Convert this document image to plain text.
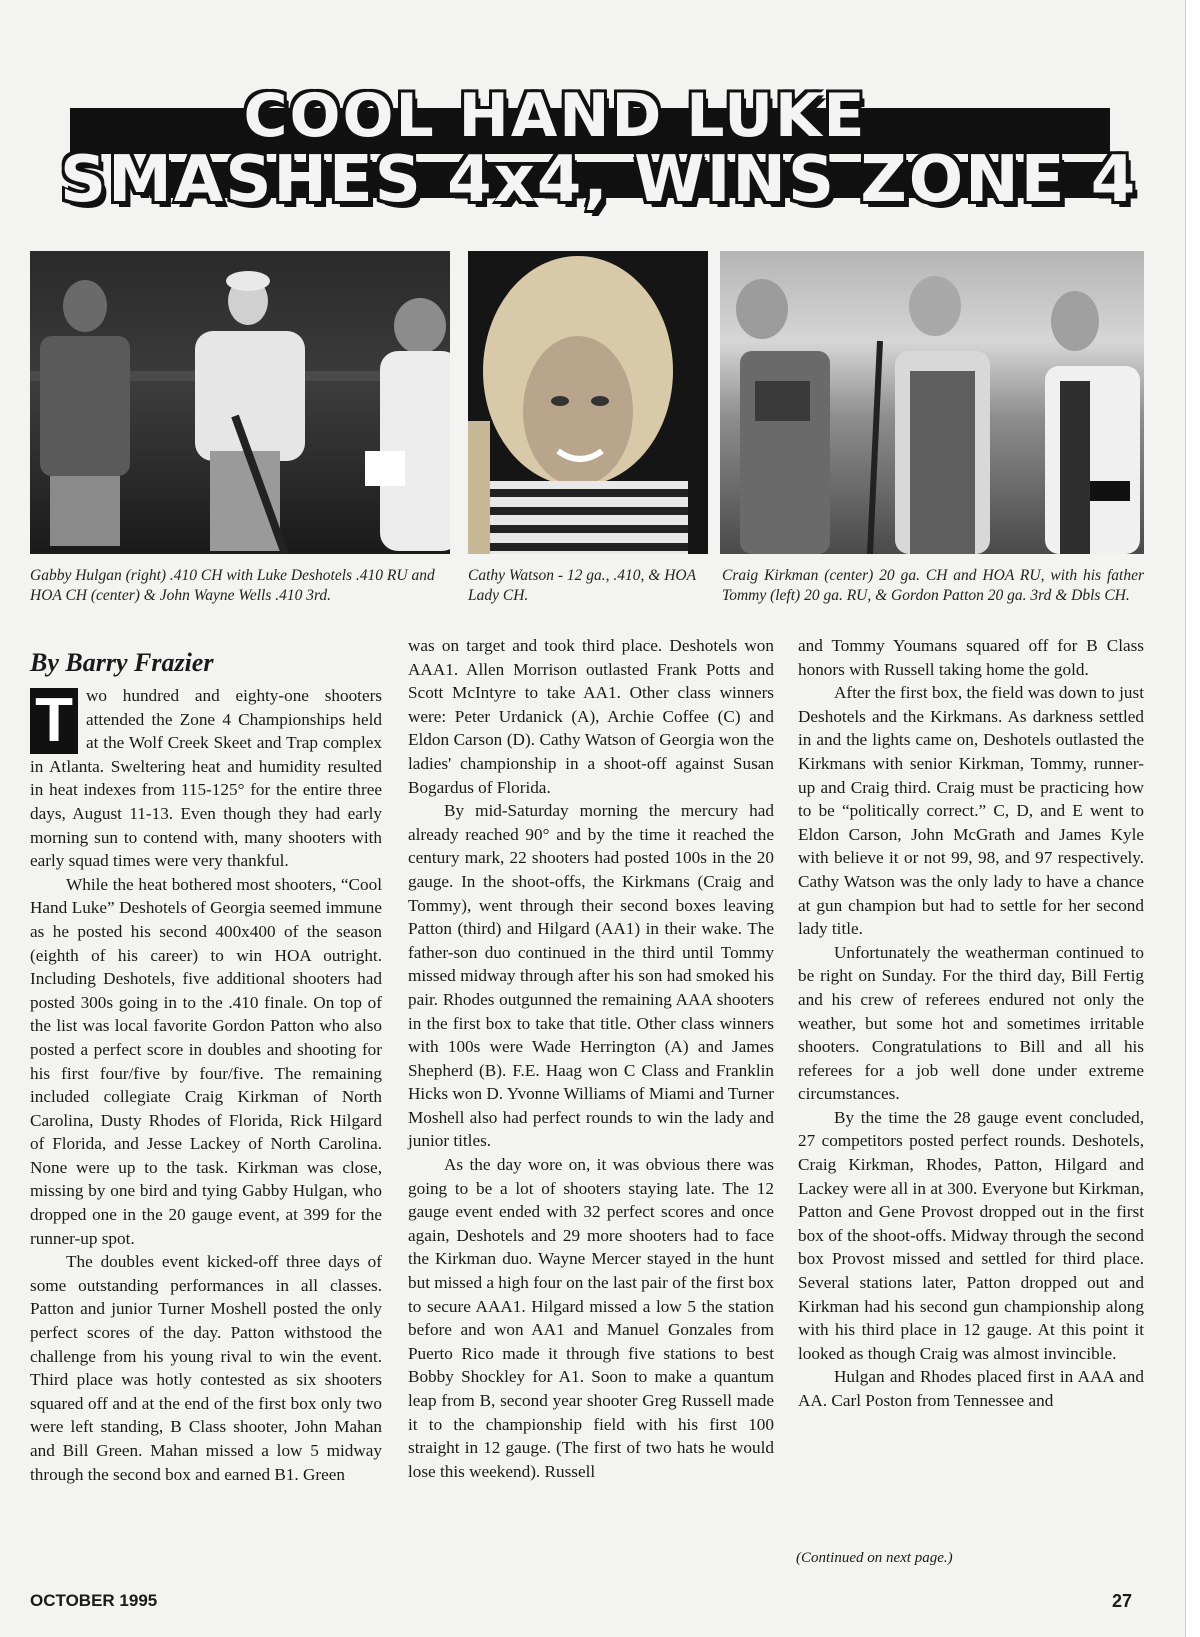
COOL HAND LUKE
SMASHES 4x4, WINS ZONE 4
Gabby Hulgan (right) .410 CH with Luke Deshotels .410 RU and HOA CH (center) & John Wayne Wells .410 3rd.
Cathy Watson - 12 ga., .410, & HOA Lady CH.
Craig Kirkman (center) 20 ga. CH and HOA RU, with his father Tommy (left) 20 ga. RU, & Gordon Patton 20 ga. 3rd & Dbls CH.
By Barry Frazier

T wo hundred and eighty-one shooters attended the Zone 4 Championships held at the Wolf Creek Skeet and Trap complex in Atlanta. Sweltering heat and humidity resulted in heat indexes from 115-125° for the entire three days, August 11-13. Even though they had early morning sun to contend with, many shooters with early squad times were very thankful.

While the heat bothered most shooters, “Cool Hand Luke” Deshotels of Georgia seemed immune as he posted his second 400x400 of the season (eighth of his career) to win HOA outright. Including Deshotels, five additional shooters had posted 300s going in to the .410 finale. On top of the list was local favorite Gordon Patton who also posted a perfect score in doubles and shooting for his first four/five by four/five. The remaining included collegiate Craig Kirkman of North Carolina, Dusty Rhodes of Florida, Rick Hilgard of Florida, and Jesse Lackey of North Carolina. None were up to the task. Kirkman was close, missing by one bird and tying Gabby Hulgan, who dropped one in the 20 gauge event, at 399 for the runner-up spot.

The doubles event kicked-off three days of some outstanding performances in all classes. Patton and junior Turner Moshell posted the only perfect scores of the day. Patton withstood the challenge from his young rival to win the event. Third place was hotly contested as six shooters squared off and at the end of the first box only two were left standing, B Class shooter, John Mahan and Bill Green. Mahan missed a low 5 midway through the second box and earned B1. Green

was on target and took third place. Deshotels won AAA1. Allen Morrison outlasted Frank Potts and Scott McIntyre to take AA1. Other class winners were: Peter Urdanick (A), Archie Coffee (C) and Eldon Carson (D). Cathy Watson of Georgia won the ladies' championship in a shoot-off against Susan Bogardus of Florida.

By mid-Saturday morning the mercury had already reached 90° and by the time it reached the century mark, 22 shooters had posted 100s in the 20 gauge. In the shoot-offs, the Kirkmans (Craig and Tommy), went through their second boxes leaving Patton (third) and Hilgard (AA1) in their wake. The father-son duo continued in the third until Tommy missed midway through after his son had smoked his pair. Rhodes outgunned the remaining AAA shooters in the first box to take that title. Other class winners with 100s were Wade Herrington (A) and James Shepherd (B). F.E. Haag won C Class and Franklin Hicks won D. Yvonne Williams of Miami and Turner Moshell also had perfect rounds to win the lady and junior titles.

As the day wore on, it was obvious there was going to be a lot of shooters staying late. The 12 gauge event ended with 32 perfect scores and once again, Deshotels and 29 more shooters had to face the Kirkman duo. Wayne Mercer stayed in the hunt but missed a high four on the last pair of the first box to secure AAA1. Hilgard missed a low 5 the station before and won AA1 and Manuel Gonzales from Puerto Rico made it through five stations to best Bobby Shockley for A1. Soon to make a quantum leap from B, second year shooter Greg Russell made it to the championship field with his first 100 straight in 12 gauge. (The first of two hats he would lose this weekend). Russell

and Tommy Youmans squared off for B Class honors with Russell taking home the gold.

After the first box, the field was down to just Deshotels and the Kirkmans. As darkness settled in and the lights came on, Deshotels outlasted the Kirkmans with senior Kirkman, Tommy, runner-up and Craig third. Craig must be practicing how to be “politically correct.” C, D, and E went to Eldon Carson, John McGrath and James Kyle with believe it or not 99, 98, and 97 respectively. Cathy Watson was the only lady to have a chance at gun champion but had to settle for her second lady title.

Unfortunately the weatherman continued to be right on Sunday. For the third day, Bill Fertig and his crew of referees endured not only the weather, but some hot and sometimes irritable shooters. Congratulations to Bill and all his referees for a job well done under extreme circumstances.

By the time the 28 gauge event concluded, 27 competitors posted perfect rounds. Deshotels, Craig Kirkman, Rhodes, Patton, Hilgard and Lackey were all in at 300. Everyone but Kirkman, Patton and Gene Provost dropped out in the first box of the shoot-offs. Midway through the second box Provost missed and settled for third place. Several stations later, Patton dropped out and Kirkman had his second gun championship along with his third place in 12 gauge. At this point it looked as though Craig was almost invincible.

Hulgan and Rhodes placed first in AAA and AA. Carl Poston from Tennessee and

(Continued on next page.)
OCTOBER 1995	27
